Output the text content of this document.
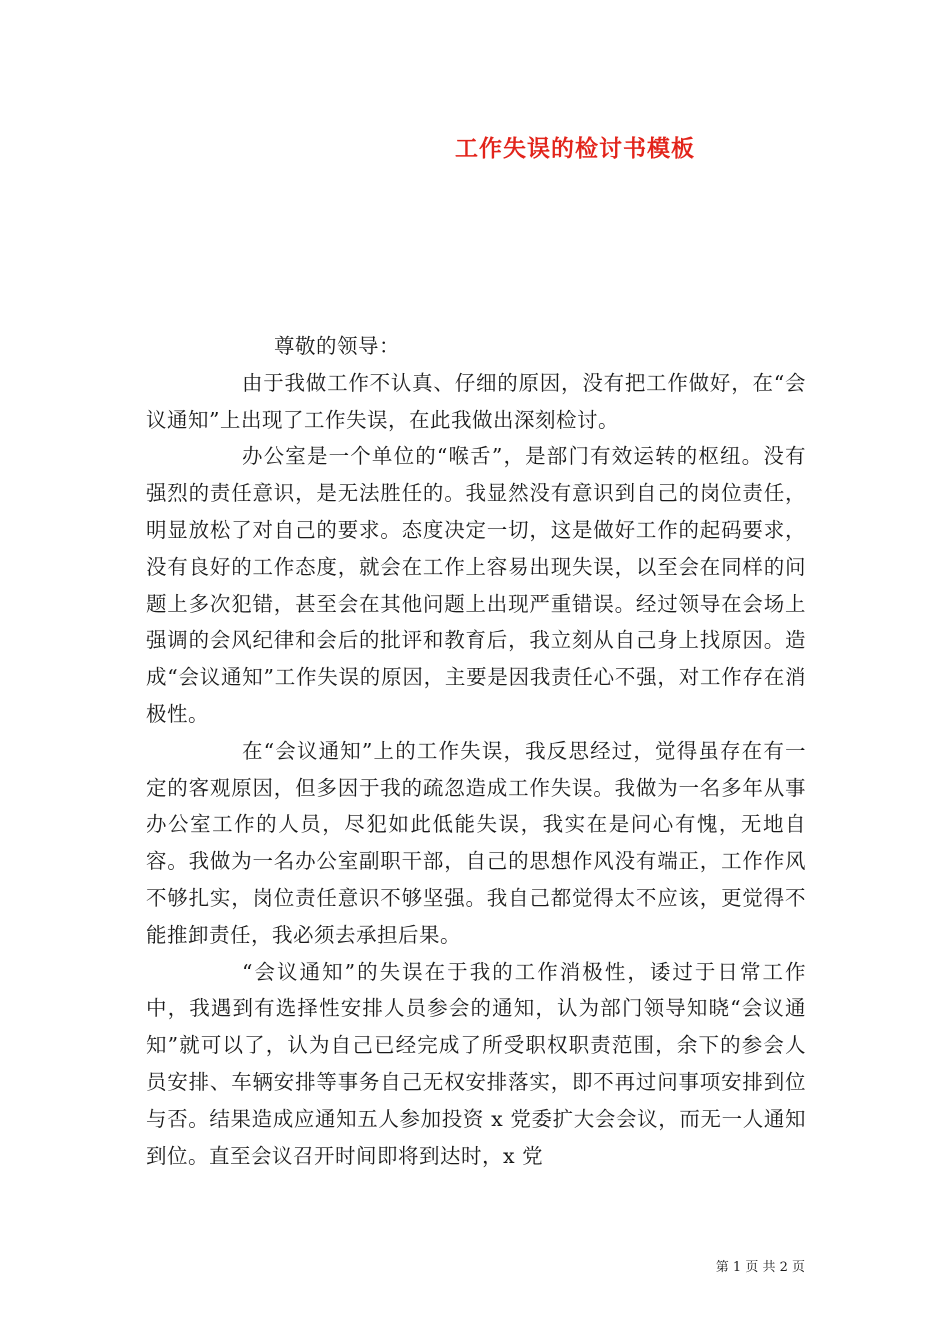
工作失误的检讨书模板

尊敬的领导：

由于我做工作不认真、仔细的原因，没有把工作做好，在“会议通知”上出现了工作失误，在此我做出深刻检讨。

办公室是一个单位的“喉舌”，是部门有效运转的枢纽。没有强烈的责任意识，是无法胜任的。我显然没有意识到自己的岗位责任，明显放松了对自己的要求。态度决定一切，这是做好工作的起码要求，没有良好的工作态度，就会在工作上容易出现失误，以至会在同样的问题上多次犯错，甚至会在其他问题上出现严重错误。经过领导在会场上强调的会风纪律和会后的批评和教育后，我立刻从自己身上找原因。造成“会议通知”工作失误的原因，主要是因我责任心不强，对工作存在消极性。

在“会议通知”上的工作失误，我反思经过，觉得虽存在有一定的客观原因，但多因于我的疏忽造成工作失误。我做为一名多年从事办公室工作的人员，尽犯如此低能失误，我实在是问心有愧，无地自容。我做为一名办公室副职干部，自己的思想作风没有端正，工作作风不够扎实，岗位责任意识不够坚强。我自己都觉得太不应该，更觉得不能推卸责任，我必须去承担后果。

“会议通知”的失误在于我的工作消极性，诿过于日常工作中，我遇到有选择性安排人员参会的通知，认为部门领导知晓“会议通知”就可以了，认为自己已经完成了所受职权职责范围，余下的参会人员安排、车辆安排等事务自己无权安排落实，即不再过问事项安排到位与否。结果造成应通知五人参加投资 x 党委扩大会会议，而无一人通知到位。直至会议召开时间即将到达时，x 党

第 1 页 共 2 页
